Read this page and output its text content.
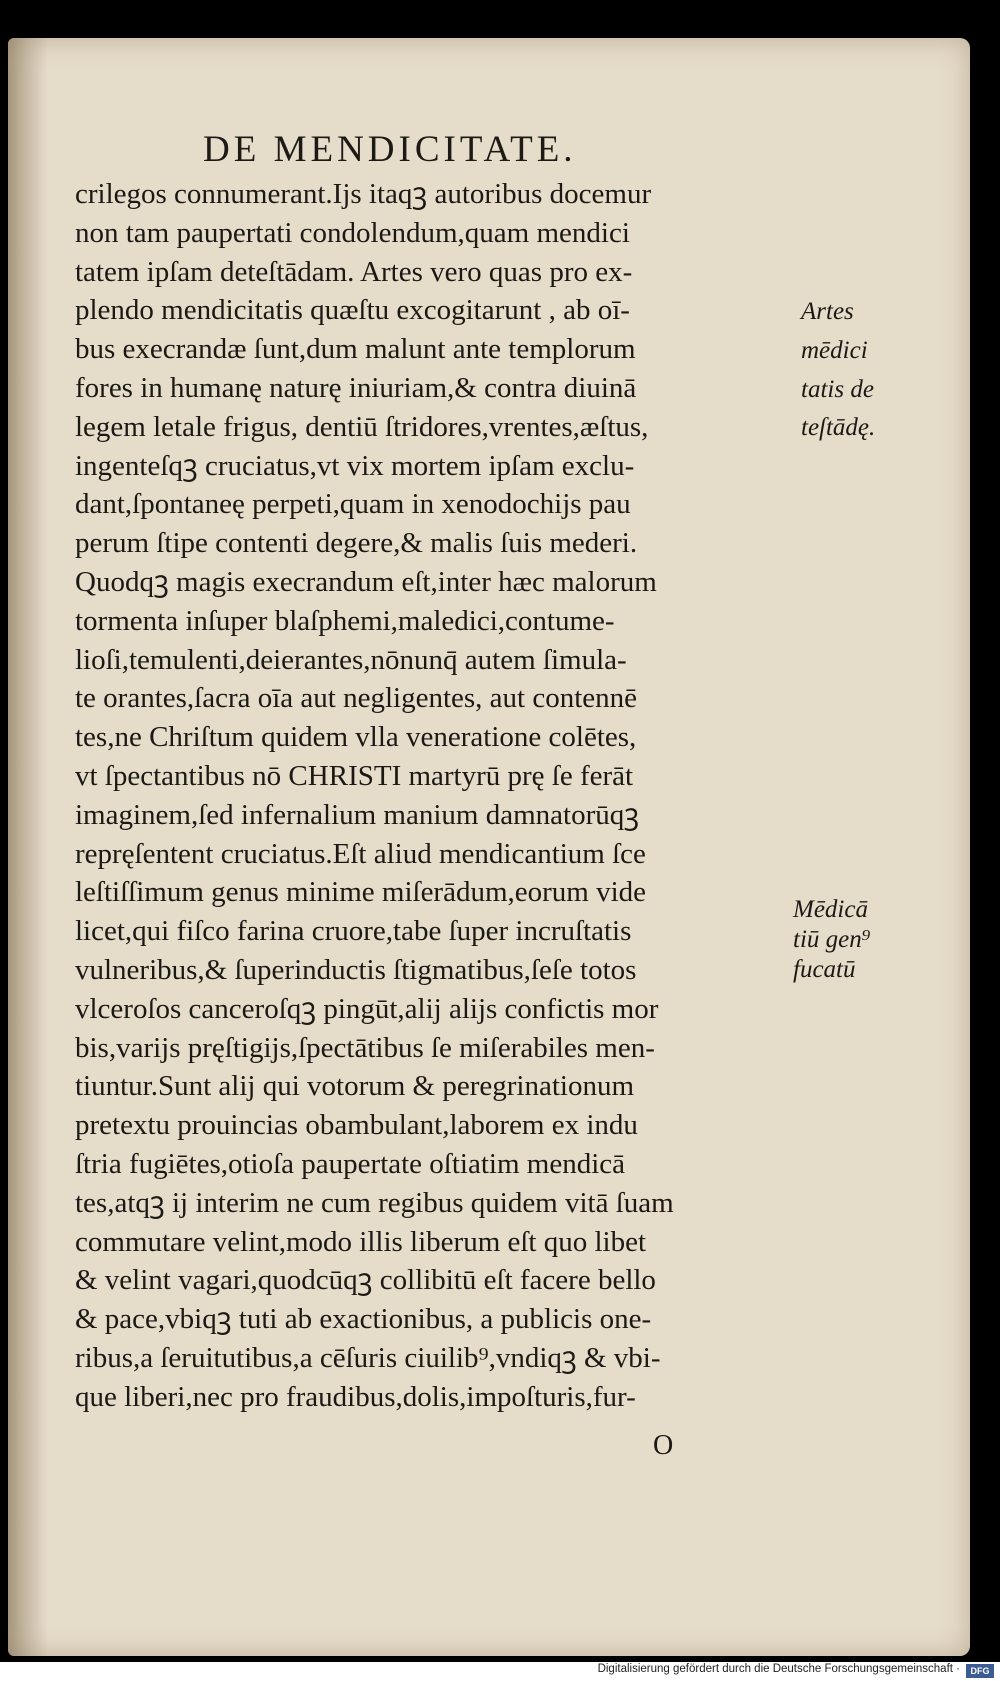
DE MENDICITATE.
crilegos connumerant.Iјs itaqꝫ autoribus docemur
non tam paupertati condolendum,quam mendici
tatem ipſam deteſtādam. Artes vero quas pro ex-
plendo mendicitatis quæſtu excogitarunt , ab oī-
bus execrandæ ſunt,dum malunt ante templorum
fores in humanę naturę iniuriam,& contra diuinā
legem letale frigus, dentiū ſtridores,vrentes,æſtus,
ingenteſqꝫ cruciatus,vt vix mortem ipſam exclu-
dant,ſpontaneę perpeti,quam in xenodochijs pau
perum ſtipe contenti degere,& malis ſuis mederi.
Quodqꝫ magis execrandum eſt,inter hæc malorum
tormenta inſuper blaſphemi,maledici,contume-
lioſi,temulenti,deierantes,nōnunq̄ autem ſimula-
te orantes,ſacra oīa aut negligentes, aut contennē
tes,ne Chriſtum quidem vlla veneratione colētes,
vt ſpectantibus nō CHRISTI martyrū prę ſe ferāt
imaginem,ſed infernalium manium damnatorūqꝫ
repręſentent cruciatus.Eſt aliud mendicantium ſce
leſtiſſimum genus minime miſerādum,eorum vide
licet,qui fiſco farina cruore,tabe ſuper incruſtatis
vulneribus,& ſuperinductis ſtigmatibus,ſeſe totos
vlceroſos canceroſqꝫ pingūt,alij alijs confictis mor
bis,varijs pręſtigijs,ſpectātibus ſe miſerabiles men-
tiuntur.Sunt alij qui votorum & peregrinationum
pretextu prouincias obambulant,laborem ex indu
ſtria fugiētes,otioſa paupertate oſtiatim mendicā
tes,atqꝫ ij interim ne cum regibus quidem vitā ſuam
commutare velint,modo illis liberum eſt quo libet
& velint vagari,quodcūqꝫ collibitū eſt facere bello
& pace,vbiqꝫ tuti ab exactionibus, a publicis one-
ribus,a ſeruitutibus,a cēſuris ciuilib⁹,vndiqꝫ & vbi-
que liberi,nec pro fraudibus,dolis,impoſturis,fur-
Artes
mēdici
tatis de
teſtādę.
Mēdicā
tiū gen⁹
fucatū
O
Digitalisierung gefördert durch die Deutsche Forschungsgemeinschaft ·	DFG
